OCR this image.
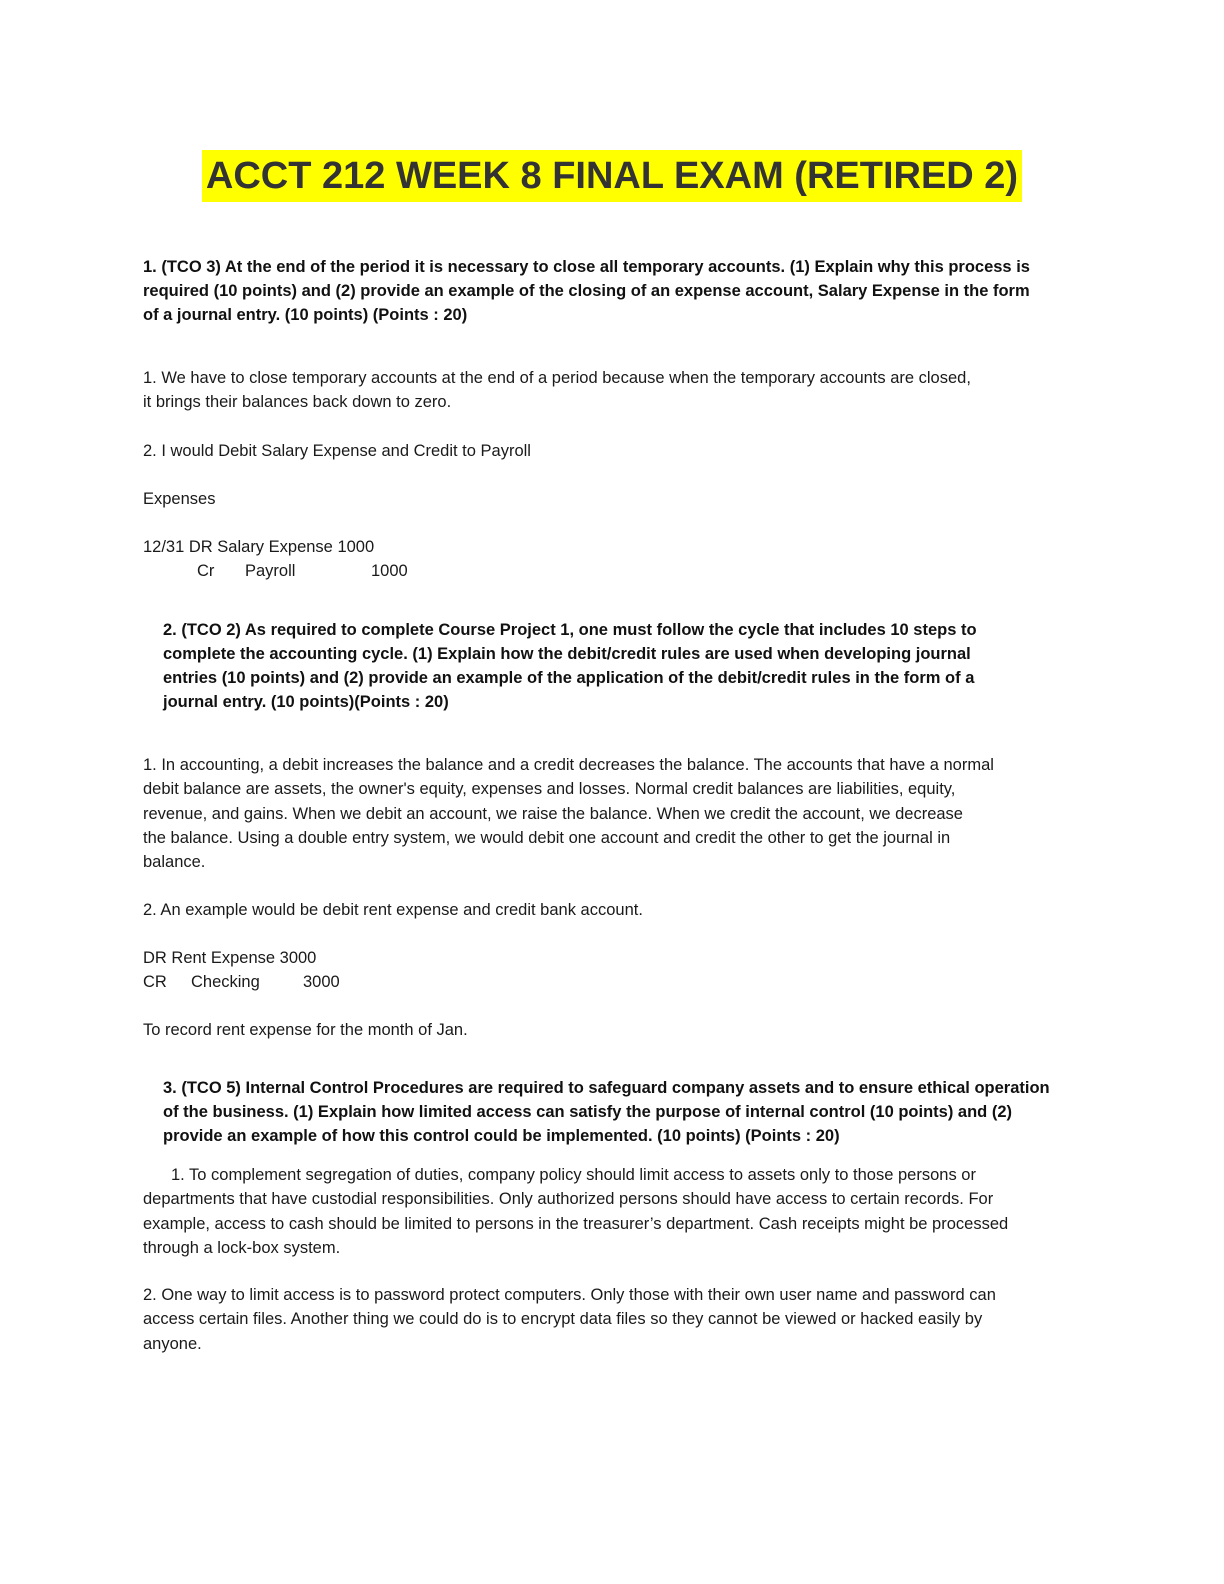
ACCT 212 WEEK 8 FINAL EXAM (RETIRED 2)
1. (TCO 3) At the end of the period it is necessary to close all temporary accounts. (1) Explain why this process is
required (10 points) and (2) provide an example of the closing of an expense account, Salary Expense in the form
of a journal entry. (10 points) (Points : 20)
1. We have to close temporary accounts at the end of a period because when the temporary accounts are closed,
it brings their balances back down to zero.
2. I would Debit Salary Expense and Credit to Payroll
Expenses
12/31 DR Salary Expense 1000
Cr Payroll	1000
2. (TCO 2) As required to complete Course Project 1, one must follow the cycle that includes 10 steps to
complete the accounting cycle. (1) Explain how the debit/credit rules are used when developing journal
entries (10 points) and (2) provide an example of the application of the debit/credit rules in the form of a
journal entry. (10 points)(Points : 20)
1. In accounting, a debit increases the balance and a credit decreases the balance. The accounts that have a normal
debit balance are assets, the owner's equity, expenses and losses. Normal credit balances are liabilities, equity,
revenue, and gains. When we debit an account, we raise the balance. When we credit the account, we decrease
the balance. Using a double entry system, we would debit one account and credit the other to get the journal in
balance.
2. An example would be debit rent expense and credit bank account.
DR Rent Expense 3000
CR Checking	3000
To record rent expense for the month of Jan.
3. (TCO 5) Internal Control Procedures are required to safeguard company assets and to ensure ethical operation
of the business. (1) Explain how limited access can satisfy the purpose of internal control (10 points) and (2)
provide an example of how this control could be implemented. (10 points) (Points : 20)
1. To complement segregation of duties, company policy should limit access to assets only to those persons or
departments that have custodial responsibilities. Only authorized persons should have access to certain records. For
example, access to cash should be limited to persons in the treasurer’s department. Cash receipts might be processed
through a lock-box system.
2. One way to limit access is to password protect computers. Only those with their own user name and password can
access certain files. Another thing we could do is to encrypt data files so they cannot be viewed or hacked easily by
anyone.
